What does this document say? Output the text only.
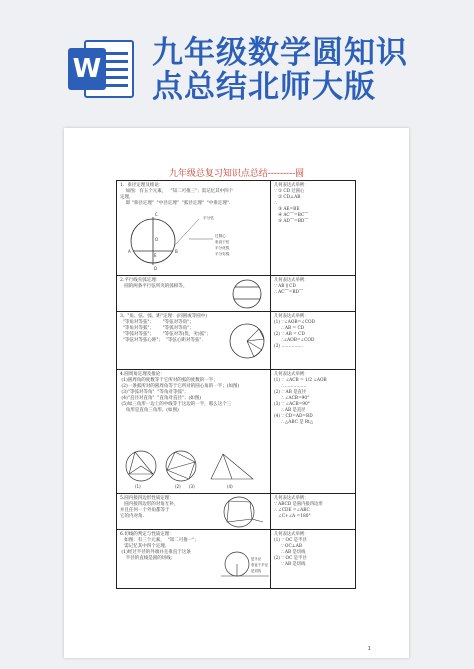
W 九年级数学圆知识
点总结北师大版
九年级总复习知识点总结---------圆
1．垂径定理及推论：
如图：有五个元素，   "知二可推三"；需记忆其中四个
定理，
即 "垂径定理"  "中径定理"  "弧径定理"  "中垂定理".
C
O
A
E
B
D
平分弦
过圆心
垂直于弦
平分优弧
平分劣弧
几何表达式举例：
∵ ① CD 过圆心
② CD⊥AB
∴
③ AE=BE
④ AC⌒=BC⌒
⑤ AD⌒=BD⌒
2.平行线夹弧定理：
圆的两条平行弦所夹的弧相等。
几何表达式举例：
∵ AB ∥ CD
∴ AC⌒=BD⌒
3、"角、弦、弧、距"定理：(同圆或等圆中)
"等角对等弦"；      "等弦对等角"；
"等角对等弧"；      "等弧对等角"；
"等弧对等弦"；      "等弦对等(优，劣)弧"；
"等弦对等弦心距"；  "等弦心距对等弦".
几何表达式举例：
(1) ∵∠AOB=∠COD
∴ AB = CD
(2) ∵ AB = CD
∴∠AOB=∠COD
(3) ……………
4.圆周角定理及推论：
(1)圆周角的度数等于它所对的弧的度数的一半；
(2)一条弧所对的圆周角等于它所对的圆心角的一半；(如图)
(3)"等弧对等角"  "等角对等弧"；
(4)"直径对直角"  "直角对直径"；(如图)
(5)如三角形一边上的中线等于这边的一半，那么这个三
角形是直角三角形。(如图)
(1)	(2) (3)	(4)
几何表达式举例：
(1) ∵ ∠ACB = 1/2 ∠AOB
∴ ……………
(2) ∵ AB 是直径
∴ ∠ACB=90°
(3) ∵ ∠ACB=90°
∴ AB 是直径
(4) ∵ CD=AD=BD
∴ △ABC 是 Rt△
5.圆内接四边形性质定理：
圆内接四边形的对角互补，
并且任何一个外角都等于
它的内对角.
几何表达式举例：
∵ ABCD 是圆内接四边形
∴ ∠CDE =∠ABC
∠C+∠A =180°
6.切线的判定与性质定理：
如图：有三个元素，  "知二可推一"；
需记忆其中四个定理。
(1)经过半径的外端并且垂直于这条
半径的直线是圆的切线；	是半径
垂直于半径
是切线
几何表达式举例：
(1) ∵ OC 是半径
∵ OC⊥AB
∴ AB 是切线
(2) ∵ OC 是半径
∵ AB 是切线
1
